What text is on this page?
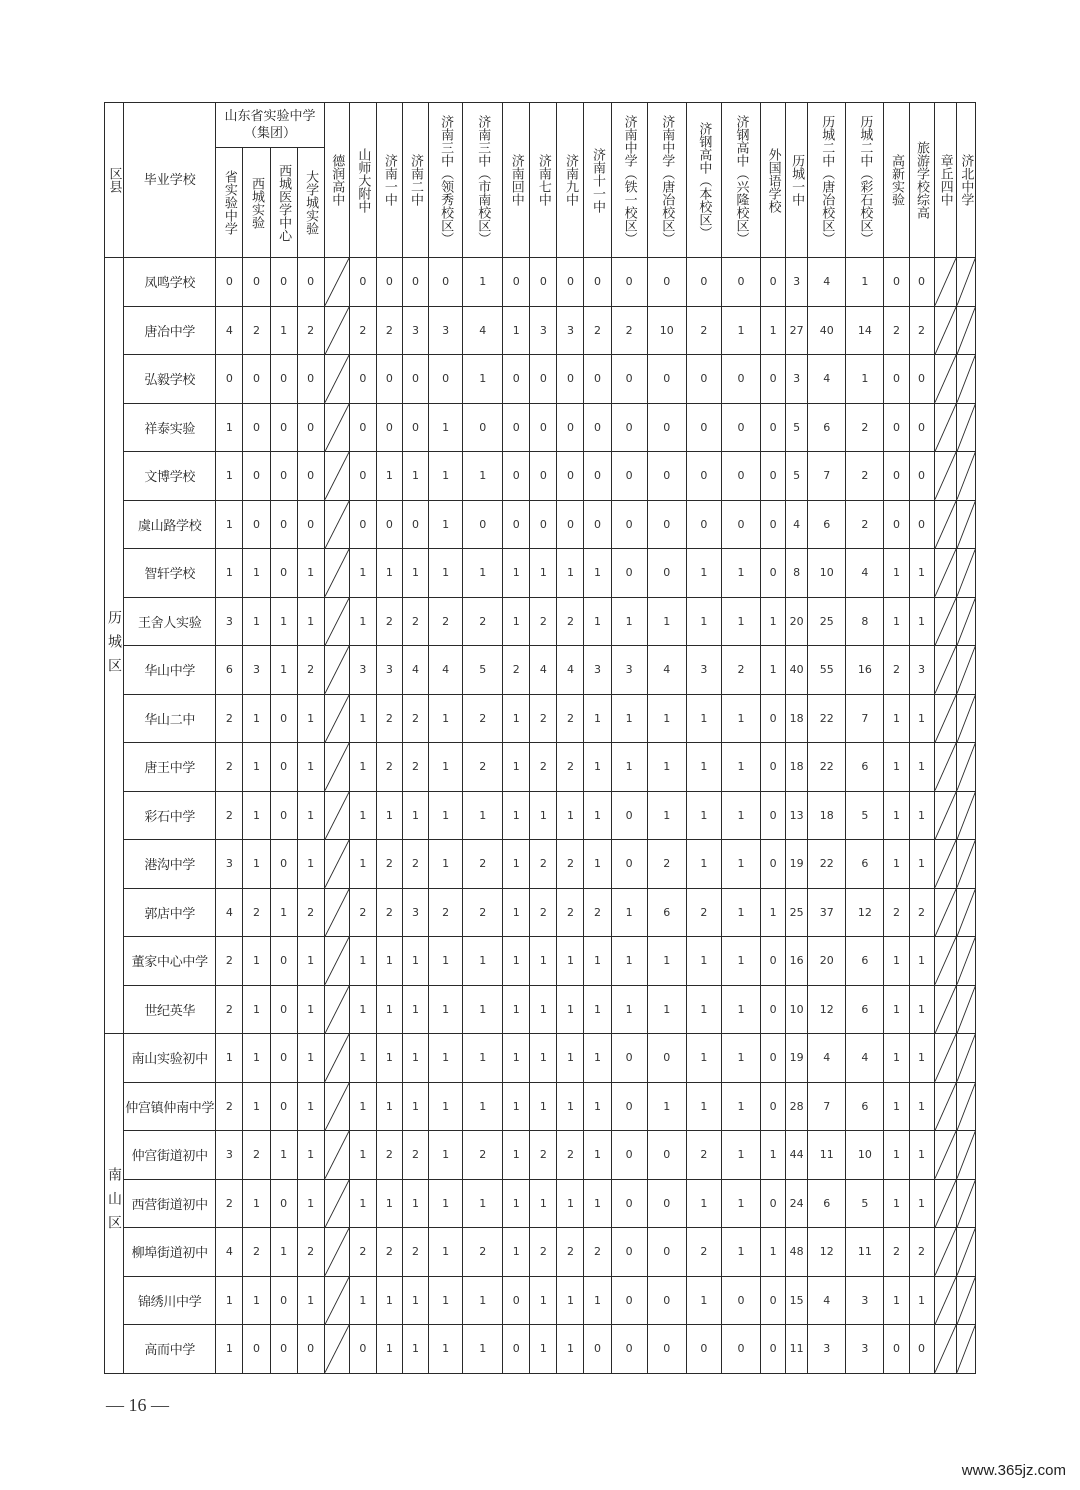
区县	毕业学校	山东省实验中学（集团）				德润高中	山师大附中	济南一中	济南二中	济南三中（领秀校区）	济南三中（市南校区）	济南回中	济南七中	济南九中	济南十一中	济南中学（铁一校区）	济南中学（唐冶校区）	济钢高中（本校区）	济钢高中（兴隆校区）	外国语学校	历城一中	历城二中（唐冶校区）	历城二中（彩石校区）	高新实验	旅游学校综高	章丘四中	济北中学
		省实验中学	西城实验	西城医学中心	大学城实验																						
历城区	凤鸣学校	0	0	0	0		0	0	0	0	1	0	0	0	0	0	0	0	0	0	3	4	1	0	0	

	唐冶中学	4	2	1	2		2	2	3	3	4	1	3	3	2	2	10	2	1	1	27	40	14	2	2	

	弘毅学校	0	0	0	0		0	0	0	0	1	0	0	0	0	0	0	0	0	0	3	4	1	0	0	

	祥泰实验	1	0	0	0		0	0	0	1	0	0	0	0	0	0	0	0	0	0	5	6	2	0	0	

	文博学校	1	0	0	0		0	1	1	1	1	0	0	0	0	0	0	0	0	0	5	7	2	0	0	

	虞山路学校	1	0	0	0		0	0	0	1	0	0	0	0	0	0	0	0	0	0	4	6	2	0	0	

	智轩学校	1	1	0	1		1	1	1	1	1	1	1	1	1	0	0	1	1	0	8	10	4	1	1	

	王舍人实验	3	1	1	1		1	2	2	2	2	1	2	2	1	1	1	1	1	1	20	25	8	1	1	

	华山中学	6	3	1	2		3	3	4	4	5	2	4	4	3	3	4	3	2	1	40	55	16	2	3	

	华山二中	2	1	0	1		1	2	2	1	2	1	2	2	1	1	1	1	1	0	18	22	7	1	1	

	唐王中学	2	1	0	1		1	2	2	1	2	1	2	2	1	1	1	1	1	0	18	22	6	1	1	

	彩石中学	2	1	0	1		1	1	1	1	1	1	1	1	1	0	1	1	1	0	13	18	5	1	1	

	港沟中学	3	1	0	1		1	2	2	1	2	1	2	2	1	0	2	1	1	0	19	22	6	1	1	

	郭店中学	4	2	1	2		2	2	3	2	2	1	2	2	2	1	6	2	1	1	25	37	12	2	2	

	董家中心中学	2	1	0	1		1	1	1	1	1	1	1	1	1	1	1	1	1	0	16	20	6	1	1	

	世纪英华	2	1	0	1		1	1	1	1	1	1	1	1	1	1	1	1	1	0	10	12	6	1	1	

南山区	南山实验初中	1	1	0	1		1	1	1	1	1	1	1	1	1	0	0	1	1	0	19	4	4	1	1	

	仲宫镇仲南中学	2	1	0	1		1	1	1	1	1	1	1	1	1	0	1	1	1	0	28	7	6	1	1	

	仲宫街道初中	3	2	1	1		1	2	2	1	2	1	2	2	1	0	0	2	1	1	44	11	10	1	1	

	西营街道初中	2	1	0	1		1	1	1	1	1	1	1	1	1	0	0	1	1	0	24	6	5	1	1	

	柳埠街道初中	4	2	1	2		2	2	2	1	2	1	2	2	2	0	0	2	1	1	48	12	11	2	2	

	锦绣川中学	1	1	0	1		1	1	1	1	1	0	1	1	1	0	0	1	0	0	15	4	3	1	1	

	高而中学	1	0	0	0		0	1	1	1	1	0	1	1	0	0	0	0	0	0	11	3	3	0	0	

— 16 —
www.365jz.com
